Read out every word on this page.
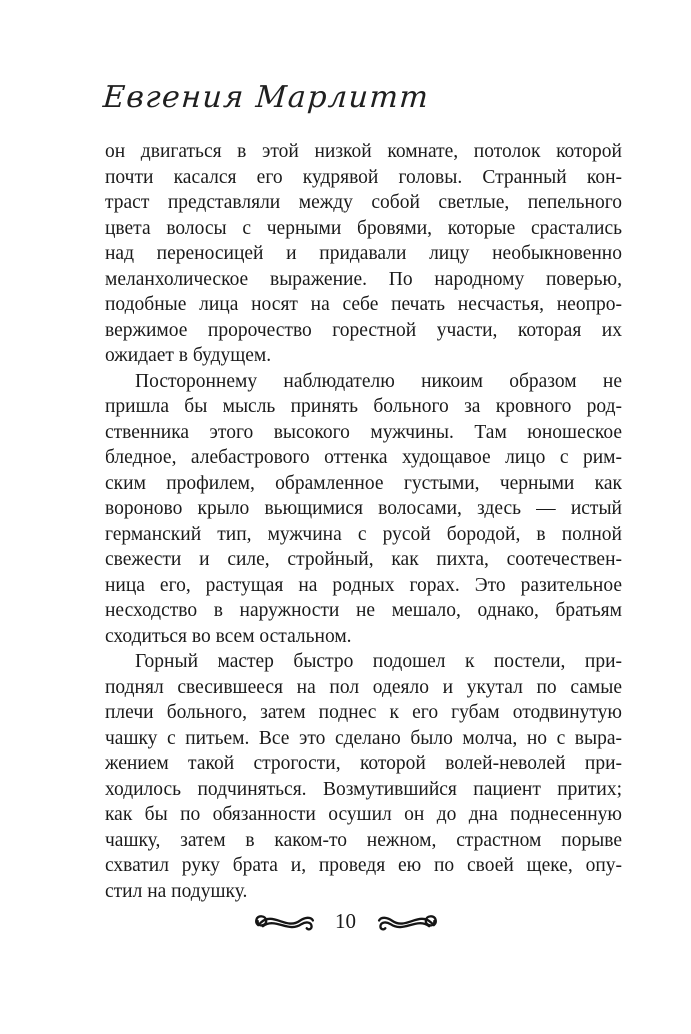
Евгения Марлитт
он двигаться в этой низкой комнате, потолок которой
почти касался его кудрявой головы. Странный кон-
траст представляли между собой светлые, пепельного
цвета волосы с черными бровями, которые срастались
над переносицей и придавали лицу необыкновенно
меланхолическое выражение. По народному поверью,
подобные лица носят на себе печать несчастья, неопро-
вержимое пророчество горестной участи, которая их
ожидает в будущем.
Постороннему наблюдателю никоим образом не
пришла бы мысль принять больного за кровного род-
ственника этого высокого мужчины. Там юношеское
бледное, алебастрового оттенка худощавое лицо с рим-
ским профилем, обрамленное густыми, черными как
вороново крыло вьющимися волосами, здесь — истый
германский тип, мужчина с русой бородой, в полной
свежести и силе, стройный, как пихта, соотечествен-
ница его, растущая на родных горах. Это разительное
несходство в наружности не мешало, однако, братьям
сходиться во всем остальном.
Горный мастер быстро подошел к постели, при-
поднял свесившееся на пол одеяло и укутал по самые
плечи больного, затем поднес к его губам отодвинутую
чашку с питьем. Все это сделано было молча, но с выра-
жением такой строгости, которой волей-неволей при-
ходилось подчиняться. Возмутившийся пациент притих;
как бы по обязанности осушил он до дна поднесенную
чашку, затем в каком-то нежном, страстном порыве
схватил руку брата и, проведя ею по своей щеке, опу-
стил на подушку.
10
